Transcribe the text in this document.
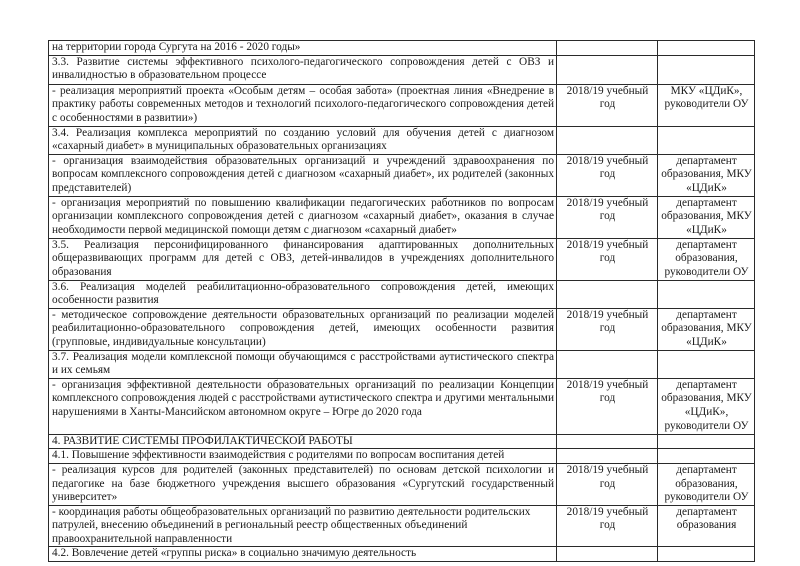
на территории города Сургута на 2016 - 2020 годы»		
3.3. Развитие системы эффективного психолого-педагогического сопровождения детей с ОВЗ и инвалидностью в образовательном процессе		
- реализация мероприятий проекта «Особым детям – особая забота» (проектная линия «Внедрение в практику работы современных методов и технологий психолого-педагогического сопровождения детей с особенностями в развитии»)	2018/19 учебный год	МКУ «ЦДиК», руководители ОУ
3.4. Реализация комплекса мероприятий по созданию условий для обучения детей с диагнозом «сахарный диабет» в муниципальных образовательных организациях		
- организация взаимодействия образовательных организаций и учреждений здравоохранения по вопросам комплексного сопровождения детей с диагнозом «сахарный диабет», их родителей (законных представителей)	2018/19 учебный год	департамент образования, МКУ «ЦДиК»
- организация мероприятий по повышению квалификации педагогических работников по вопросам организации комплексного сопровождения детей с диагнозом «сахарный диабет», оказания в случае необходимости первой медицинской помощи детям с диагнозом «сахарный диабет»	2018/19 учебный год	департамент образования, МКУ «ЦДиК»
3.5. Реализация персонифицированного финансирования адаптированных дополнительных общеразвивающих программ для детей с ОВЗ, детей-инвалидов в учреждениях дополнительного образования	2018/19 учебный год	департамент образования, руководители ОУ
3.6. Реализация моделей реабилитационно-образовательного сопровождения детей, имеющих особенности развития		
- методическое сопровождение деятельности образовательных организаций по реализации моделей реабилитационно-образовательного сопровождения детей, имеющих особенности развития (групповые, индивидуальные консультации)	2018/19 учебный год	департамент образования, МКУ «ЦДиК»
3.7. Реализация модели комплексной помощи обучающимся с расстройствами аутистического спектра и их семьям		
- организация эффективной деятельности образовательных организаций по реализации Концепции комплексного сопровождения людей с расстройствами аутистического спектра и другими ментальными нарушениями в Ханты-Мансийском автономном округе – Югре до 2020 года	2018/19 учебный год	департамент образования, МКУ «ЦДиК», руководители ОУ
4. РАЗВИТИЕ СИСТЕМЫ ПРОФИЛАКТИЧЕСКОЙ РАБОТЫ		
4.1. Повышение эффективности взаимодействия с родителями по вопросам воспитания детей		
- реализация курсов для родителей (законных представителей) по основам детской психологии и педагогике на базе бюджетного учреждения высшего образования «Сургутский государственный университет»	2018/19 учебный год	департамент образования, руководители ОУ
- координация работы общеобразовательных организаций по развитию деятельности родительских патрулей, внесению объединений в региональный реестр общественных объединений правоохранительной направленности	2018/19 учебный год	департамент образования
4.2. Вовлечение детей «группы риска» в социально значимую деятельность		
